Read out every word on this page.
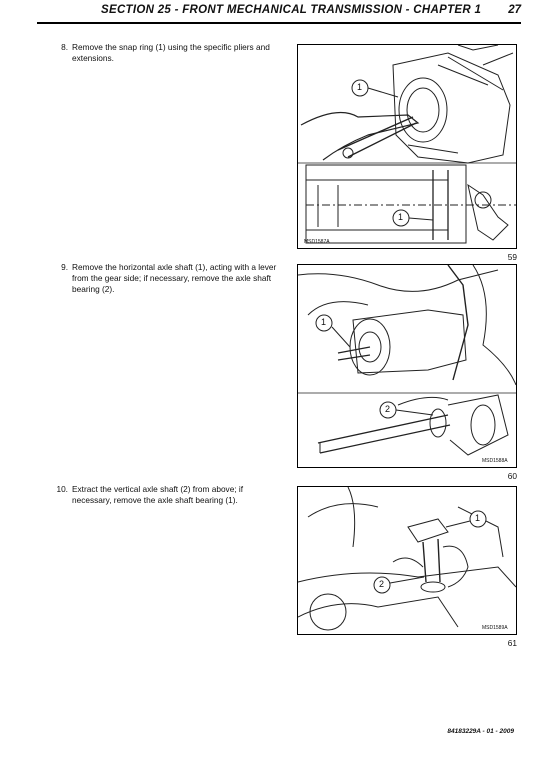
SECTION 25 - FRONT MECHANICAL TRANSMISSION - CHAPTER 1 27
8. Remove the snap ring (1) using the specific pliers and extensions.
1
1
MSD1587A
59
9. Remove the horizontal axle shaft (1), acting with a lever from the gear side; if necessary, remove the axle shaft bearing (2).
1
2
MSD1588A
60
10. Extract the vertical axle shaft (2) from above; if necessary, remove the axle shaft bearing (1).
1
2
MSD1589A
61
84183229A - 01 - 2009
